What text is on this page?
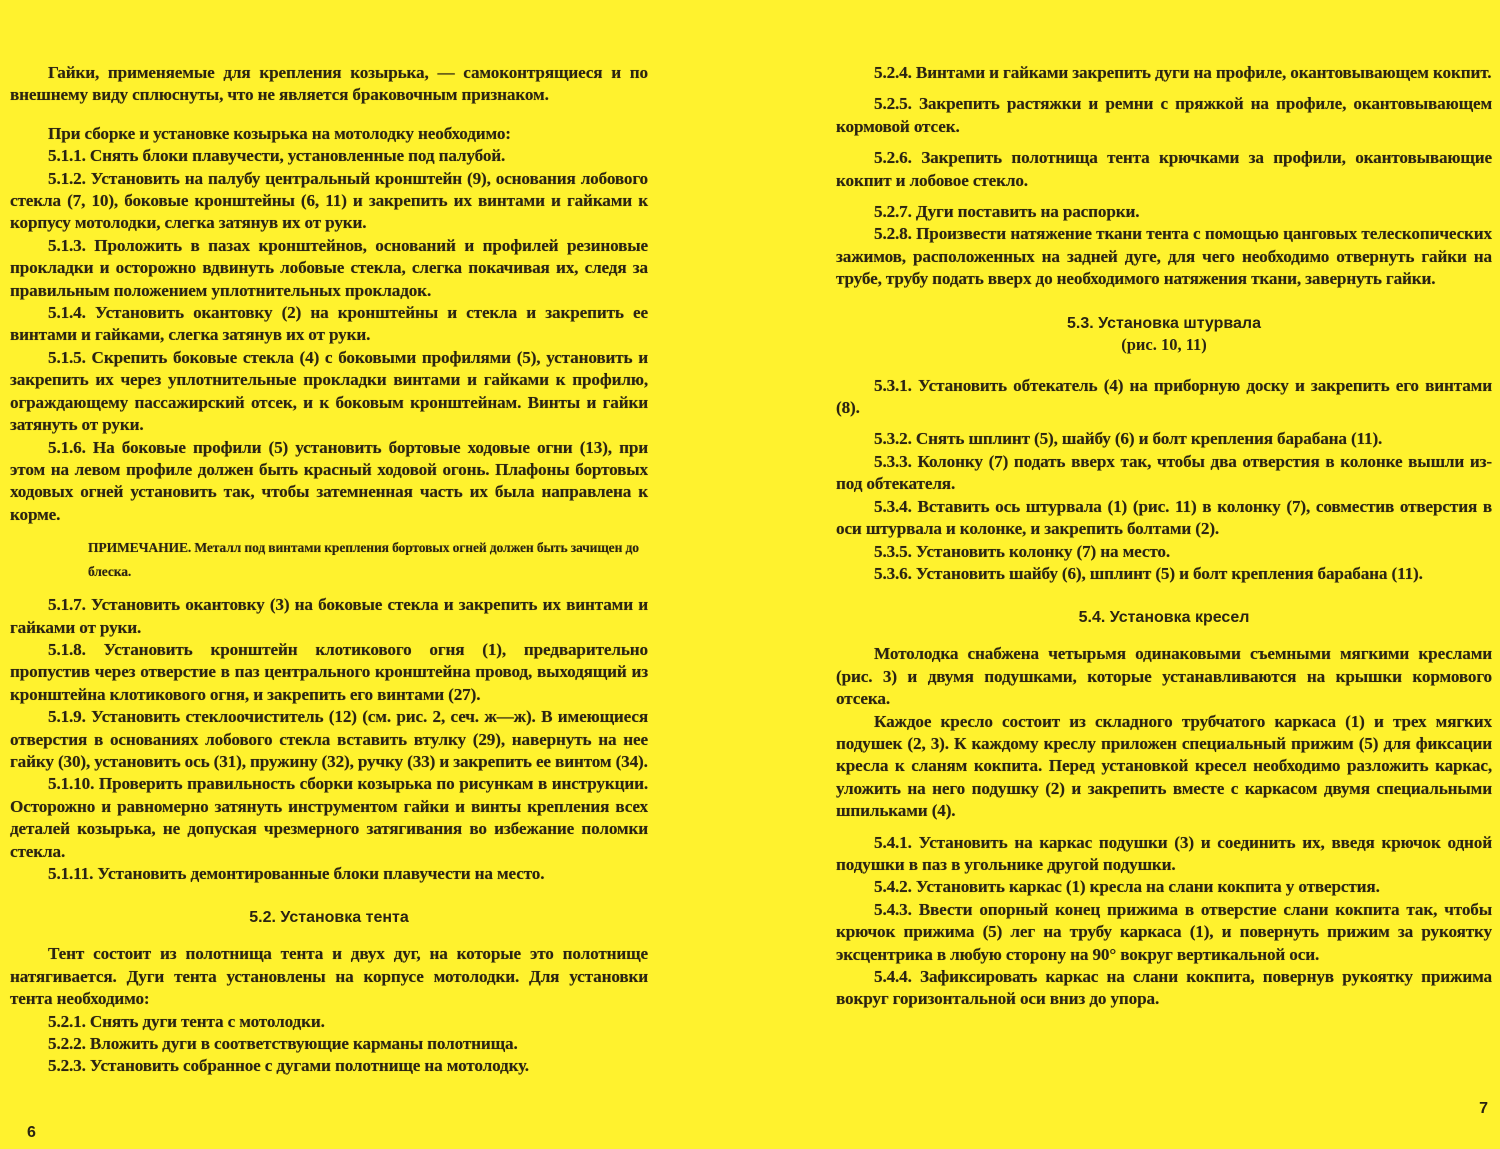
Гайки, применяемые для крепления козырька, — самоконтрящиеся и по внешнему виду сплюснуты, что не является браковочным признаком.

При сборке и установке козырька на мотолодку необходимо:

5.1.1. Снять блоки плавучести, установленные под палубой.

5.1.2. Установить на палубу центральный кронштейн (9), основания лобового стекла (7, 10), боковые кронштейны (6, 11) и закрепить их винтами и гайками к корпусу мотолодки, слегка затянув их от руки.

5.1.3. Проложить в пазах кронштейнов, оснований и профилей резиновые прокладки и осторожно вдвинуть лобовые стекла, слегка покачивая их, следя за правильным положением уплотнительных прокладок.

5.1.4. Установить окантовку (2) на кронштейны и стекла и закрепить ее винтами и гайками, слегка затянув их от руки.

5.1.5. Скрепить боковые стекла (4) с боковыми профилями (5), установить и закрепить их через уплотнительные прокладки винтами и гайками к профилю, ограждающему пассажирский отсек, и к боковым кронштейнам. Винты и гайки затянуть от руки.

5.1.6. На боковые профили (5) установить бортовые ходовые огни (13), при этом на левом профиле должен быть красный ходовой огонь. Плафоны бортовых ходовых огней установить так, чтобы затемненная часть их была направлена к корме.

ПРИМЕЧАНИЕ. Металл под винтами крепления бортовых огней должен быть зачищен до блеска.

5.1.7. Установить окантовку (3) на боковые стекла и закрепить их винтами и гайками от руки.

5.1.8. Установить кронштейн клотикового огня (1), предварительно пропустив через отверстие в паз центрального кронштейна провод, выходящий из кронштейна клотикового огня, и закрепить его винтами (27).

5.1.9. Установить стеклоочиститель (12) (см. рис. 2, сеч. ж—ж). В имеющиеся отверстия в основаниях лобового стекла вставить втулку (29), навернуть на нее гайку (30), установить ось (31), пружину (32), ручку (33) и закрепить ее винтом (34).

5.1.10. Проверить правильность сборки козырька по рисункам в инструкции. Осторожно и равномерно затянуть инструментом гайки и винты крепления всех деталей козырька, не допуская чрезмерного затягивания во избежание поломки стекла.

5.1.11. Установить демонтированные блоки плавучести на место.

5.2. Установка тента

Тент состоит из полотнища тента и двух дуг, на которые это полотнище натягивается. Дуги тента установлены на корпусе мотолодки. Для установки тента необходимо:

5.2.1. Снять дуги тента с мотолодки.

5.2.2. Вложить дуги в соответствующие карманы полотнища.

5.2.3. Установить собранное с дугами полотнище на мотолодку.

6

5.2.4. Винтами и гайками закрепить дуги на профиле, окантовывающем кокпит.

5.2.5. Закрепить растяжки и ремни с пряжкой на профиле, окантовывающем кормовой отсек.

5.2.6. Закрепить полотнища тента крючками за профили, окантовывающие кокпит и лобовое стекло.

5.2.7. Дуги поставить на распорки.

5.2.8. Произвести натяжение ткани тента с помощью цанговых телескопических зажимов, расположенных на задней дуге, для чего необходимо отвернуть гайки на трубе, трубу подать вверх до необходимого натяжения ткани, завернуть гайки.

5.3. Установка штурвала
(рис. 10, 11)

5.3.1. Установить обтекатель (4) на приборную доску и закрепить его винтами (8).

5.3.2. Снять шплинт (5), шайбу (6) и болт крепления барабана (11).

5.3.3. Колонку (7) подать вверх так, чтобы два отверстия в колонке вышли из-под обтекателя.

5.3.4. Вставить ось штурвала (1) (рис. 11) в колонку (7), совместив отверстия в оси штурвала и колонке, и закрепить болтами (2).

5.3.5. Установить колонку (7) на место.

5.3.6. Установить шайбу (6), шплинт (5) и болт крепления барабана (11).

5.4. Установка кресел

Мотолодка снабжена четырьмя одинаковыми съемными мягкими креслами (рис. 3) и двумя подушками, которые устанавливаются на крышки кормового отсека.

Каждое кресло состоит из складного трубчатого каркаса (1) и трех мягких подушек (2, 3). К каждому креслу приложен специальный прижим (5) для фиксации кресла к сланям кокпита. Перед установкой кресел необходимо разложить каркас, уложить на него подушку (2) и закрепить вместе с каркасом двумя специальными шпильками (4).

5.4.1. Установить на каркас подушки (3) и соединить их, введя крючок одной подушки в паз в угольнике другой подушки.

5.4.2. Установить каркас (1) кресла на слани кокпита у отверстия.

5.4.3. Ввести опорный конец прижима в отверстие слани кокпита так, чтобы крючок прижима (5) лег на трубу каркаса (1), и повернуть прижим за рукоятку эксцентрика в любую сторону на 90° вокруг вертикальной оси.

5.4.4. Зафиксировать каркас на слани кокпита, повернув рукоятку прижима вокруг горизонтальной оси вниз до упора.

7
